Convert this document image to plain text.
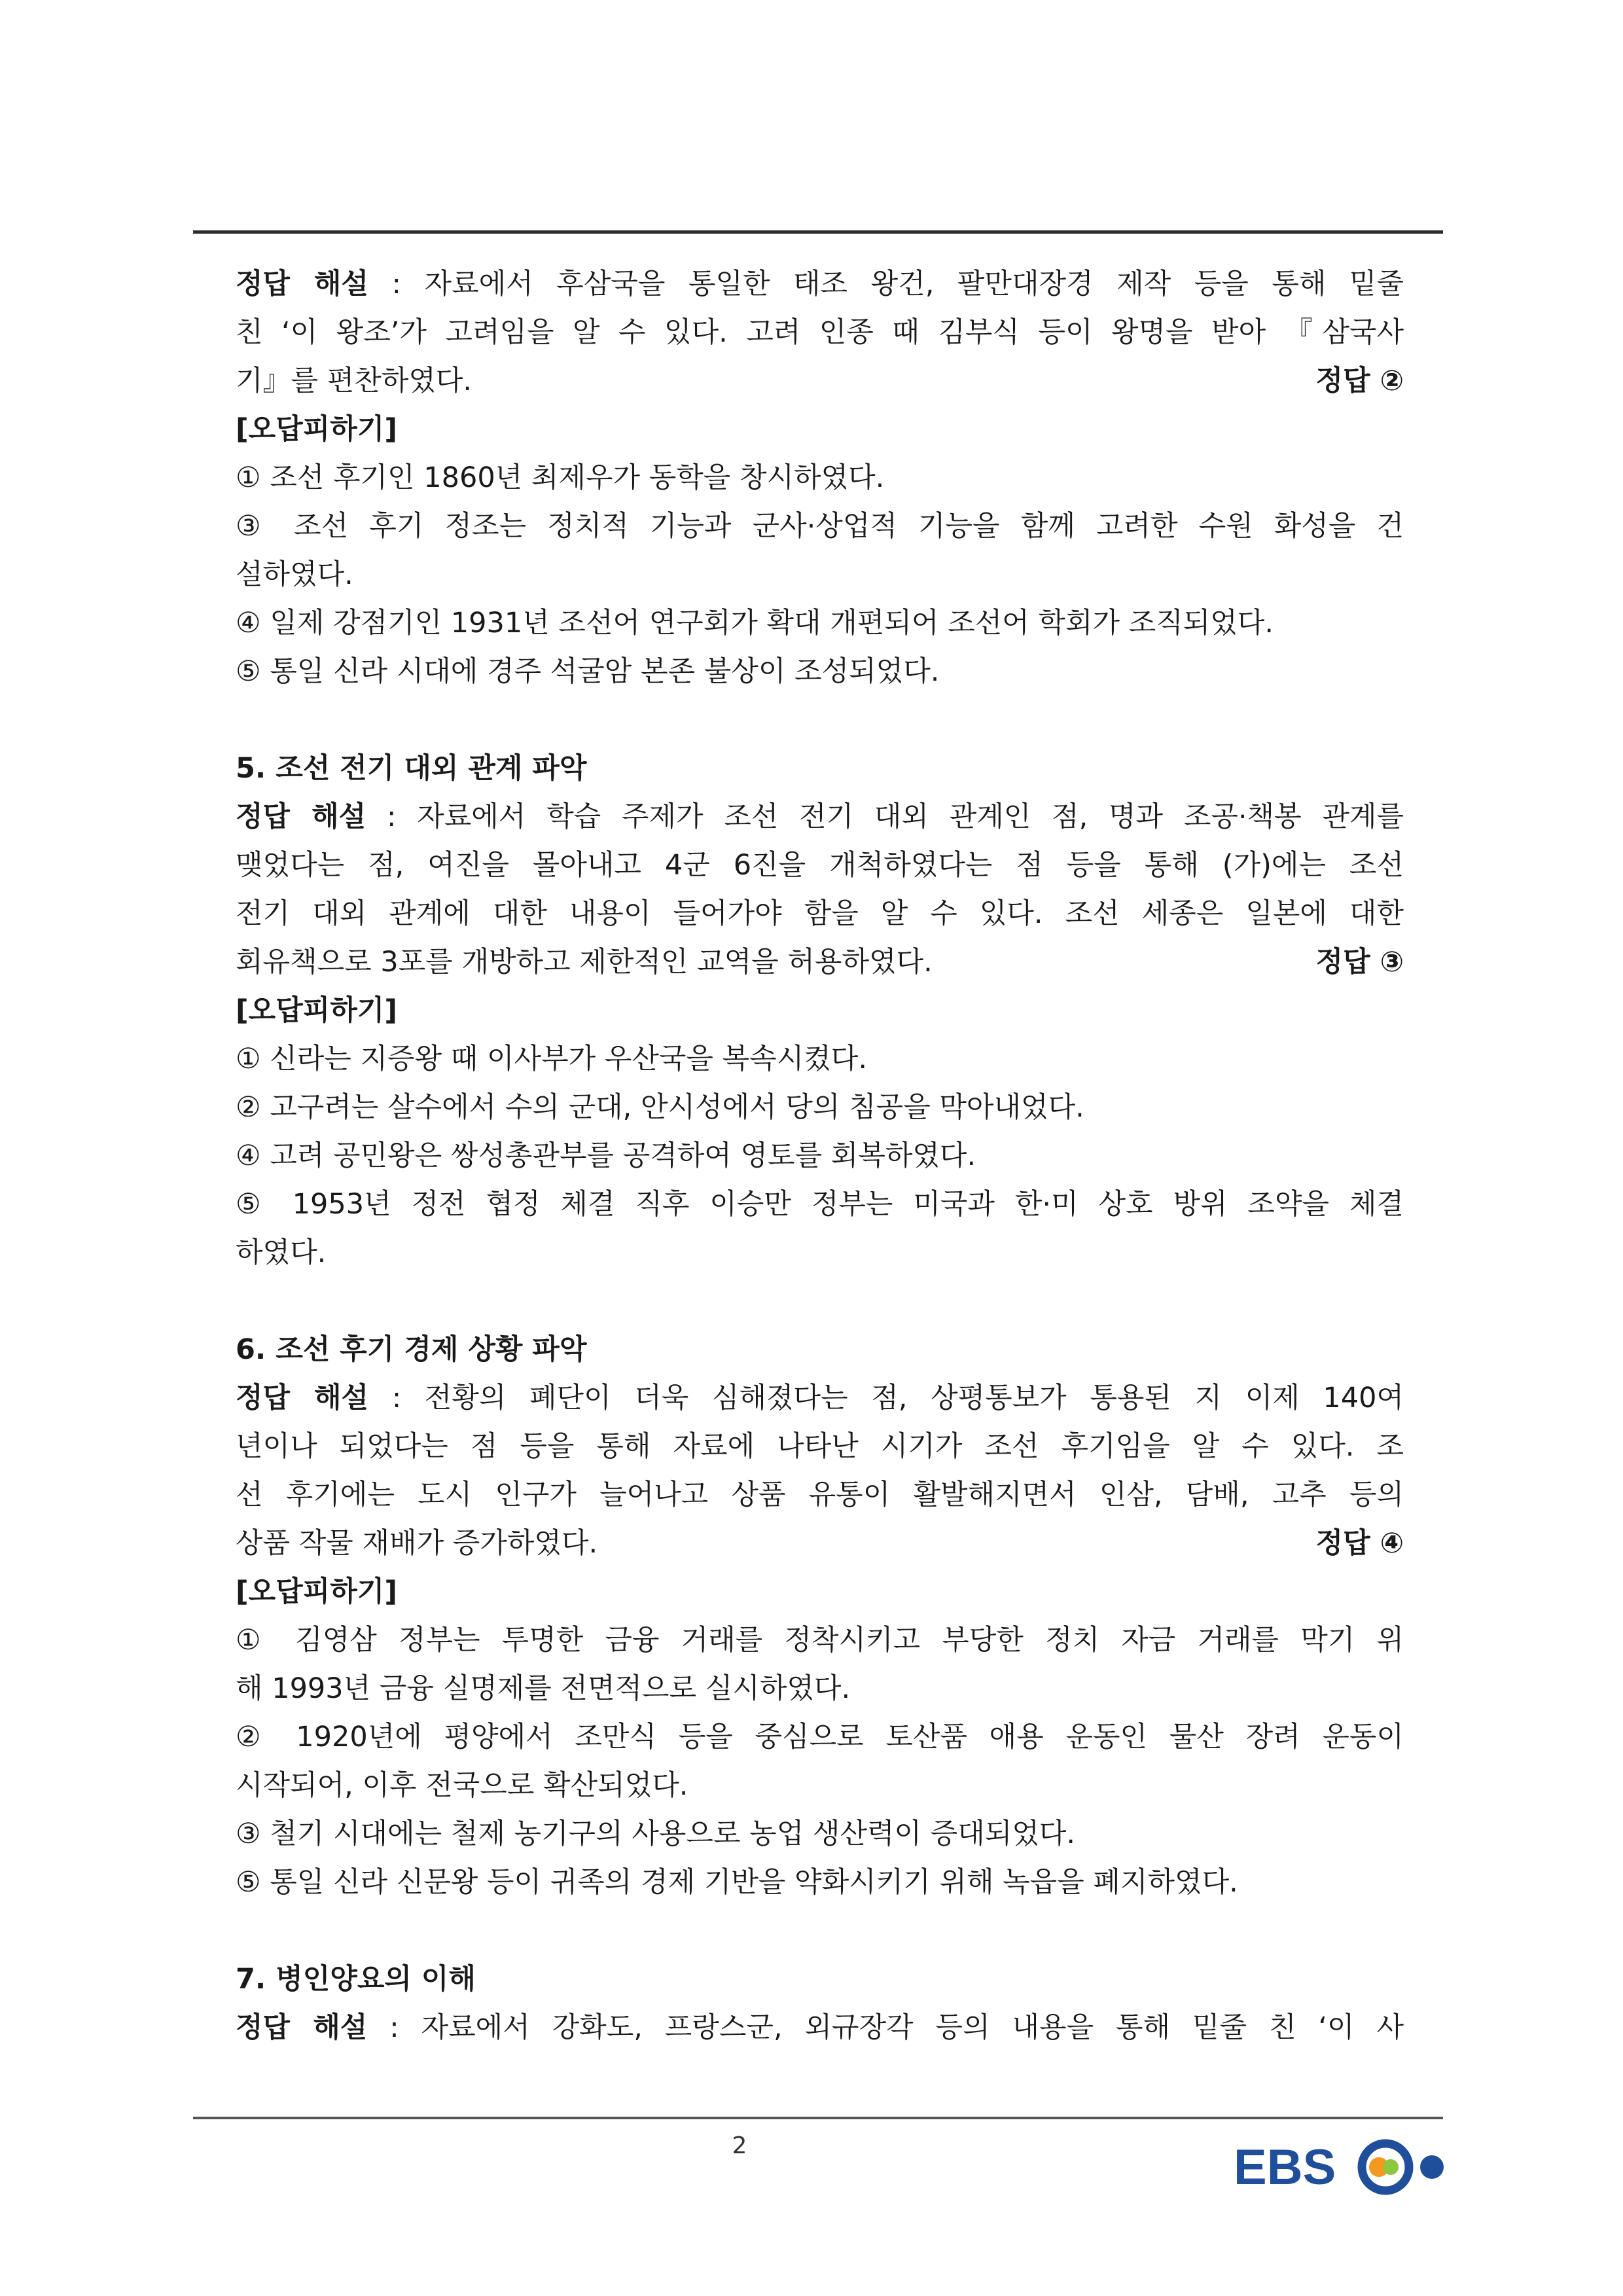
정답 해설 : 자료에서 후삼국을 통일한 태조 왕건, 팔만대장경 제작 등을 통해 밑줄
친 ‘이 왕조’가 고려임을 알 수 있다. 고려 인종 때 김부식 등이 왕명을 받아 『삼국사
기』를 편찬하였다.	정답 ②
[오답피하기]
① 조선 후기인 1860년 최제우가 동학을 창시하였다.
③ 조선 후기 정조는 정치적 기능과 군사·상업적 기능을 함께 고려한 수원 화성을 건
설하였다.
④ 일제 강점기인 1931년 조선어 연구회가 확대 개편되어 조선어 학회가 조직되었다.
⑤ 통일 신라 시대에 경주 석굴암 본존 불상이 조성되었다.
5. 조선 전기 대외 관계 파악
정답 해설 : 자료에서 학습 주제가 조선 전기 대외 관계인 점, 명과 조공·책봉 관계를
맺었다는 점, 여진을 몰아내고 4군 6진을 개척하였다는 점 등을 통해 (가)에는 조선
전기 대외 관계에 대한 내용이 들어가야 함을 알 수 있다. 조선 세종은 일본에 대한
회유책으로 3포를 개방하고 제한적인 교역을 허용하였다.	정답 ③
[오답피하기]
① 신라는 지증왕 때 이사부가 우산국을 복속시켰다.
② 고구려는 살수에서 수의 군대, 안시성에서 당의 침공을 막아내었다.
④ 고려 공민왕은 쌍성총관부를 공격하여 영토를 회복하였다.
⑤ 1953년 정전 협정 체결 직후 이승만 정부는 미국과 한·미 상호 방위 조약을 체결
하였다.
6. 조선 후기 경제 상황 파악
정답 해설 : 전황의 폐단이 더욱 심해졌다는 점, 상평통보가 통용된 지 이제 140여
년이나 되었다는 점 등을 통해 자료에 나타난 시기가 조선 후기임을 알 수 있다. 조
선 후기에는 도시 인구가 늘어나고 상품 유통이 활발해지면서 인삼, 담배, 고추 등의
상품 작물 재배가 증가하였다.	정답 ④
[오답피하기]
① 김영삼 정부는 투명한 금융 거래를 정착시키고 부당한 정치 자금 거래를 막기 위
해 1993년 금융 실명제를 전면적으로 실시하였다.
② 1920년에 평양에서 조만식 등을 중심으로 토산품 애용 운동인 물산 장려 운동이
시작되어, 이후 전국으로 확산되었다.
③ 철기 시대에는 철제 농기구의 사용으로 농업 생산력이 증대되었다.
⑤ 통일 신라 신문왕 등이 귀족의 경제 기반을 약화시키기 위해 녹읍을 폐지하였다.
7. 병인양요의 이해
정답 해설 : 자료에서 강화도, 프랑스군, 외규장각 등의 내용을 통해 밑줄 친 ‘이 사
2	EBS
